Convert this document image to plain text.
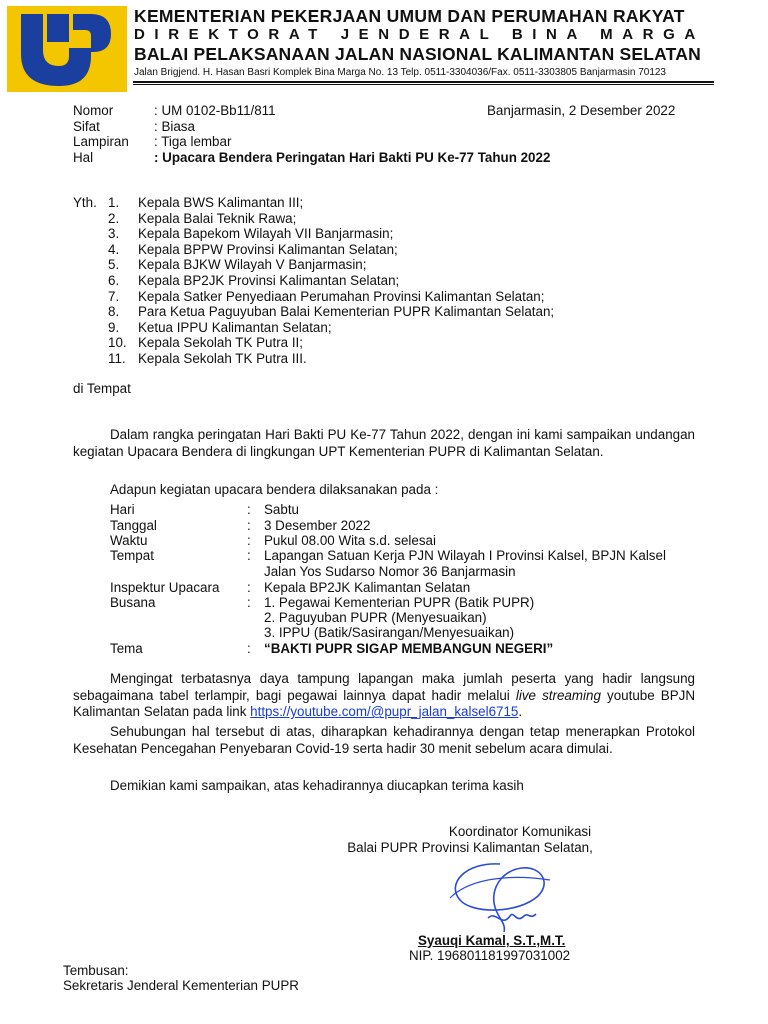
KEMENTERIAN PEKERJAAN UMUM DAN PERUMAHAN RAKYAT
DIREKTORAT JENDERAL BINA MARGA
BALAI PELAKSANAAN JALAN NASIONAL KALIMANTAN SELATAN
Jalan Brigjend. H. Hasan Basri Komplek Bina Marga No. 13 Telp. 0511-3304036/Fax. 0511-3303805 Banjarmasin 70123
Nomor	: UM 0102-Bb11/811	Banjarmasin, 2 Desember 2022
Sifat	: Biasa
Lampiran : Tiga lembar
Hal	: Upacara Bendera Peringatan Hari Bakti PU Ke-77 Tahun 2022
Yth. 1.	Kepala BWS Kalimantan III;
2.	Kepala Balai Teknik Rawa;
3.	Kepala Bapekom Wilayah VII Banjarmasin;
4.	Kepala BPPW Provinsi Kalimantan Selatan;
5.	Kepala BJKW Wilayah V Banjarmasin;
6.	Kepala BP2JK Provinsi Kalimantan Selatan;
7.	Kepala Satker Penyediaan Perumahan Provinsi Kalimantan Selatan;
8.	Para Ketua Paguyuban Balai Kementerian PUPR Kalimantan Selatan;
9.	Ketua IPPU Kalimantan Selatan;
10. Kepala Sekolah TK Putra II;
11. Kepala Sekolah TK Putra III.
di Tempat
Dalam rangka peringatan Hari Bakti PU Ke-77 Tahun 2022, dengan ini kami sampaikan undangan kegiatan Upacara Bendera di lingkungan UPT Kementerian PUPR di Kalimantan Selatan.
Adapun kegiatan upacara bendera dilaksanakan pada :
Hari	: Sabtu
Tanggal	: 3 Desember 2022
Waktu	: Pukul 08.00 Wita s.d. selesai
Tempat	: Lapangan Satuan Kerja PJN Wilayah I Provinsi Kalsel, BPJN Kalsel
Jalan Yos Sudarso Nomor 36 Banjarmasin
Inspektur Upacara : Kepala BP2JK Kalimantan Selatan
Busana	: 1. Pegawai Kementerian PUPR (Batik PUPR)
2. Paguyuban PUPR (Menyesuaikan)
3. IPPU (Batik/Sasirangan/Menyesuaikan)
Tema	: “BAKTI PUPR SIGAP MEMBANGUN NEGERI”
Mengingat terbatasnya daya tampung lapangan maka jumlah peserta yang hadir langsung sebagaimana tabel terlampir, bagi pegawai lainnya dapat hadir melalui live streaming youtube BPJN Kalimantan Selatan pada link https://youtube.com/@pupr_jalan_kalsel6715.
Sehubungan hal tersebut di atas, diharapkan kehadirannya dengan tetap menerapkan Protokol Kesehatan Pencegahan Penyebaran Covid-19 serta hadir 30 menit sebelum acara dimulai.
Demikian kami sampaikan, atas kehadirannya diucapkan terima kasih
Koordinator Komunikasi
Balai PUPR Provinsi Kalimantan Selatan,
Syauqi Kamal, S.T.,M.T.
NIP. 196801181997031002
Tembusan:
Sekretaris Jenderal Kementerian PUPR
